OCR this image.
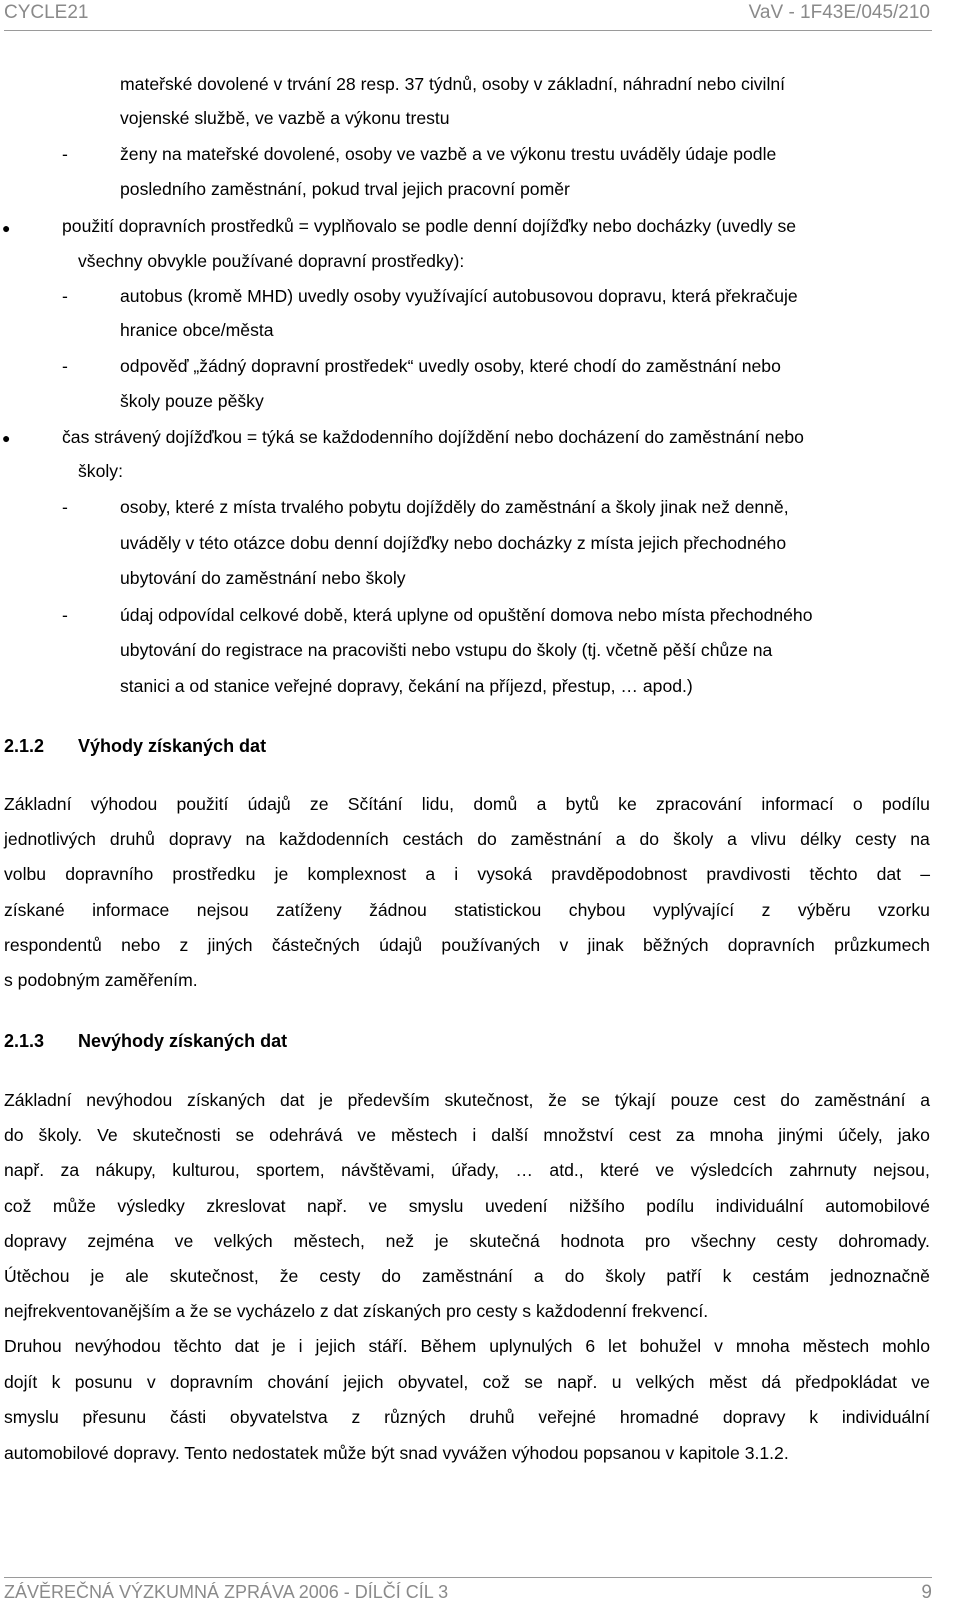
CYCLE21	VaV - 1F43E/045/210
mateřské dovolené v trvání 28 resp. 37 týdnů, osoby v základní, náhradní nebo civilní
vojenské službě, ve vazbě a výkonu trestu
-	ženy na mateřské dovolené, osoby ve vazbě a ve výkonu trestu uváděly údaje podle
posledního zaměstnání, pokud trval jejich pracovní poměr
●	použití dopravních prostředků = vyplňovalo se podle denní dojížďky nebo docházky (uvedly se
všechny obvykle používané dopravní prostředky):
-	autobus (kromě MHD) uvedly osoby využívající autobusovou dopravu, která překračuje
hranice obce/města
-	odpověď „žádný dopravní prostředek“ uvedly osoby, které chodí do zaměstnání nebo
školy pouze pěšky
●	čas strávený dojížďkou = týká se každodenního dojíždění nebo docházení do zaměstnání nebo
školy:
-	osoby, které z místa trvalého pobytu dojížděly do zaměstnání a školy jinak než denně,
uváděly v této otázce dobu denní dojížďky nebo docházky z místa jejich přechodného
ubytování do zaměstnání nebo školy
-	údaj odpovídal celkové době, která uplyne od opuštění domova nebo místa přechodného
ubytování do registrace na pracovišti nebo vstupu do školy (tj. včetně pěší chůze na
stanici a od stanice veřejné dopravy, čekání na příjezd, přestup, … apod.)
2.1.2 Výhody získaných dat
Základní výhodou použití údajů ze Sčítání lidu, domů a bytů ke zpracování informací o podílu
jednotlivých druhů dopravy na každodenních cestách do zaměstnání a do školy a vlivu délky cesty na
volbu dopravního prostředku je komplexnost a i vysoká pravděpodobnost pravdivosti těchto dat –
získané informace nejsou zatíženy žádnou statistickou chybou vyplývající z výběru vzorku
respondentů nebo z jiných částečných údajů používaných v jinak běžných dopravních průzkumech
s podobným zaměřením.
2.1.3 Nevýhody získaných dat
Základní nevýhodou získaných dat je především skutečnost, že se týkají pouze cest do zaměstnání a
do školy. Ve skutečnosti se odehrává ve městech i další množství cest za mnoha jinými účely, jako
např. za nákupy, kulturou, sportem, návštěvami, úřady, … atd., které ve výsledcích zahrnuty nejsou,
což může výsledky zkreslovat např. ve smyslu uvedení nižšího podílu individuální automobilové
dopravy zejména ve velkých městech, než je skutečná hodnota pro všechny cesty dohromady.
Útěchou je ale skutečnost, že cesty do zaměstnání a do školy patří k cestám jednoznačně
nejfrekventovanějším a že se vycházelo z dat získaných pro cesty s každodenní frekvencí.
Druhou nevýhodou těchto dat je i jejich stáří. Během uplynulých 6 let bohužel v mnoha městech mohlo
dojít k posunu v dopravním chování jejich obyvatel, což se např. u velkých měst dá předpokládat ve
smyslu přesunu části obyvatelstva z různých druhů veřejné hromadné dopravy k individuální
automobilové dopravy. Tento nedostatek může být snad vyvážen výhodou popsanou v kapitole 3.1.2.
ZÁVĚREČNÁ VÝZKUMNÁ ZPRÁVA 2006 - DÍLČÍ CÍL 3	9
